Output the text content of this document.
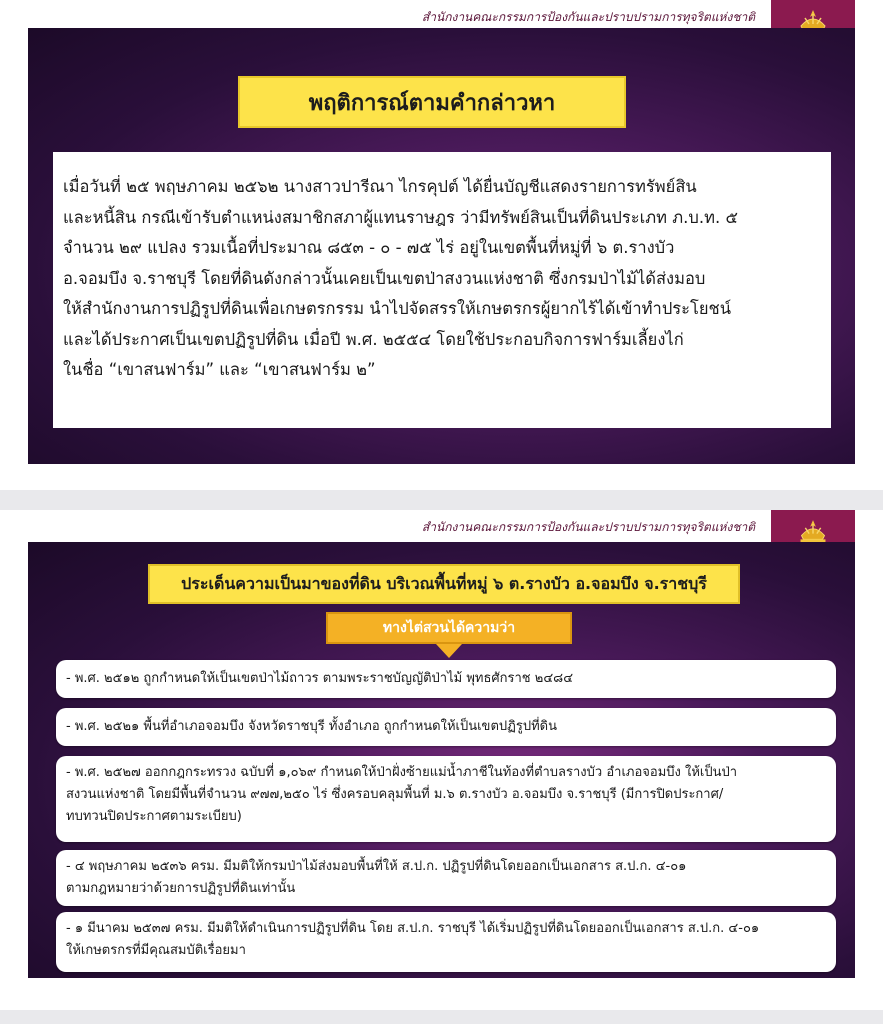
สำนักงานคณะกรรมการป้องกันและปราบปรามการทุจริตแห่งชาติ
พฤติการณ์ตามคำกล่าวหา

เมื่อวันที่ ๒๕ พฤษภาคม ๒๕๖๒ นางสาวปารีณา ไกรคุปต์ ได้ยื่นบัญชีแสดงรายการทรัพย์สิน

และหนี้สิน กรณีเข้ารับตำแหน่งสมาชิกสภาผู้แทนราษฎร ว่ามีทรัพย์สินเป็นที่ดินประเภท ภ.บ.ท. ๕

จำนวน ๒๙ แปลง รวมเนื้อที่ประมาณ ๘๕๓ - ๐ - ๗๕ ไร่ อยู่ในเขตพื้นที่หมู่ที่ ๖ ต.รางบัว

อ.จอมบึง จ.ราชบุรี โดยที่ดินดังกล่าวนั้นเคยเป็นเขตป่าสงวนแห่งชาติ ซึ่งกรมป่าไม้ได้ส่งมอบ

ให้สำนักงานการปฏิรูปที่ดินเพื่อเกษตรกรรม นำไปจัดสรรให้เกษตรกรผู้ยากไร้ได้เข้าทำประโยชน์

และได้ประกาศเป็นเขตปฏิรูปที่ดิน เมื่อปี พ.ศ. ๒๕๕๔ โดยใช้ประกอบกิจการฟาร์มเลี้ยงไก่

ในชื่อ “เขาสนฟาร์ม” และ “เขาสนฟาร์ม ๒”

สำนักงานคณะกรรมการป้องกันและปราบปรามการทุจริตแห่งชาติ
ประเด็นความเป็นมาของที่ดิน บริเวณพื้นที่หมู่ ๖ ต.รางบัว อ.จอมบึง จ.ราชบุรี
ทางไต่สวนได้ความว่า

- พ.ศ. ๒๕๑๒ ถูกกำหนดให้เป็นเขตป่าไม้ถาวร ตามพระราชบัญญัติป่าไม้ พุทธศักราช ๒๔๘๔

- พ.ศ. ๒๕๒๑ พื้นที่อำเภอจอมบึง จังหวัดราชบุรี ทั้งอำเภอ ถูกกำหนดให้เป็นเขตปฏิรูปที่ดิน

- พ.ศ. ๒๕๒๗ ออกกฎกระทรวง ฉบับที่ ๑,๐๖๙ กำหนดให้ป่าฝั่งซ้ายแม่น้ำภาชีในท้องที่ตำบลรางบัว อำเภอจอมบึง ให้เป็นป่า

สงวนแห่งชาติ โดยมีพื้นที่จำนวน ๙๗๗,๒๕๐ ไร่ ซึ่งครอบคลุมพื้นที่ ม.๖ ต.รางบัว อ.จอมบึง จ.ราชบุรี (มีการปิดประกาศ/

ทบทวนปิดประกาศตามระเบียบ)

- ๔ พฤษภาคม ๒๕๓๖ ครม. มีมติให้กรมป่าไม้ส่งมอบพื้นที่ให้ ส.ป.ก. ปฏิรูปที่ดินโดยออกเป็นเอกสาร ส.ป.ก. ๔-๐๑

ตามกฎหมายว่าด้วยการปฏิรูปที่ดินเท่านั้น

- ๑ มีนาคม ๒๕๓๗ ครม. มีมติให้ดำเนินการปฏิรูปที่ดิน โดย ส.ป.ก. ราชบุรี ได้เริ่มปฏิรูปที่ดินโดยออกเป็นเอกสาร ส.ป.ก. ๔-๐๑

ให้เกษตรกรที่มีคุณสมบัติเรื่อยมา
